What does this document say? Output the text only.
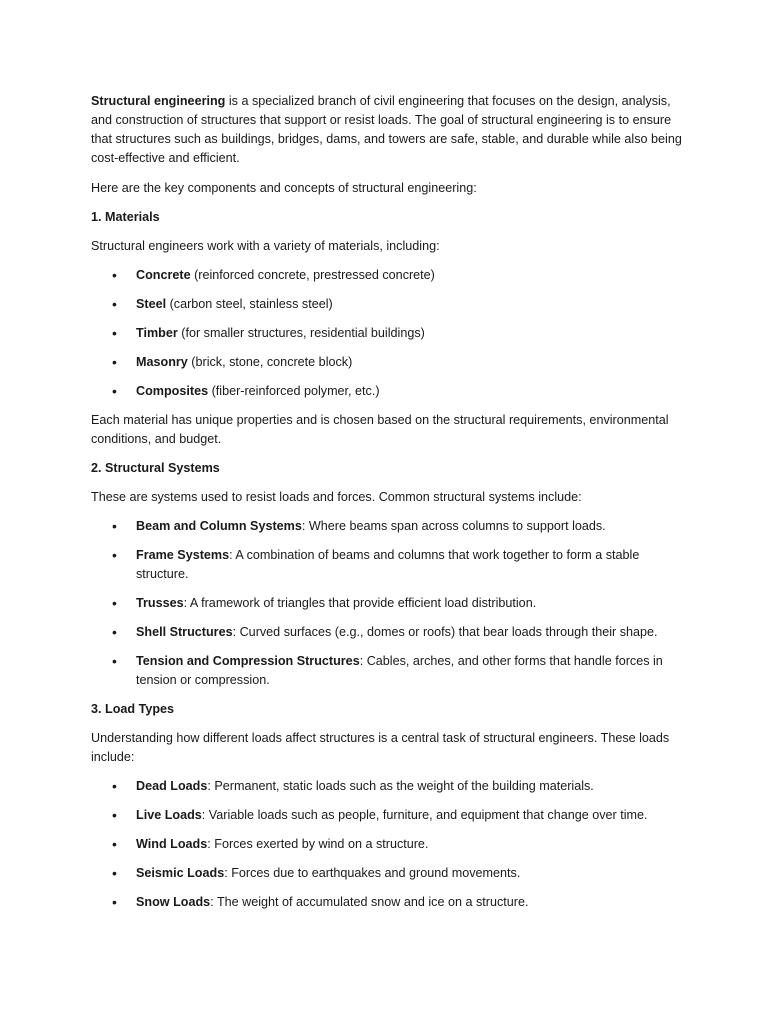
Structural engineering is a specialized branch of civil engineering that focuses on the design, analysis, and construction of structures that support or resist loads. The goal of structural engineering is to ensure that structures such as buildings, bridges, dams, and towers are safe, stable, and durable while also being cost-effective and efficient.

Here are the key components and concepts of structural engineering:

1. Materials

Structural engineers work with a variety of materials, including:

• Concrete (reinforced concrete, prestressed concrete)
• Steel (carbon steel, stainless steel)
• Timber (for smaller structures, residential buildings)
• Masonry (brick, stone, concrete block)
• Composites (fiber-reinforced polymer, etc.)

Each material has unique properties and is chosen based on the structural requirements, environmental conditions, and budget.

2. Structural Systems

These are systems used to resist loads and forces. Common structural systems include:

• Beam and Column Systems: Where beams span across columns to support loads.
• Frame Systems: A combination of beams and columns that work together to form a stable structure.
• Trusses: A framework of triangles that provide efficient load distribution.
• Shell Structures: Curved surfaces (e.g., domes or roofs) that bear loads through their shape.
• Tension and Compression Structures: Cables, arches, and other forms that handle forces in tension or compression.
3. Load Types

Understanding how different loads affect structures is a central task of structural engineers. These loads include:

• Dead Loads: Permanent, static loads such as the weight of the building materials.
• Live Loads: Variable loads such as people, furniture, and equipment that change over time.
• Wind Loads: Forces exerted by wind on a structure.
• Seismic Loads: Forces due to earthquakes and ground movements.
• Snow Loads: The weight of accumulated snow and ice on a structure.
